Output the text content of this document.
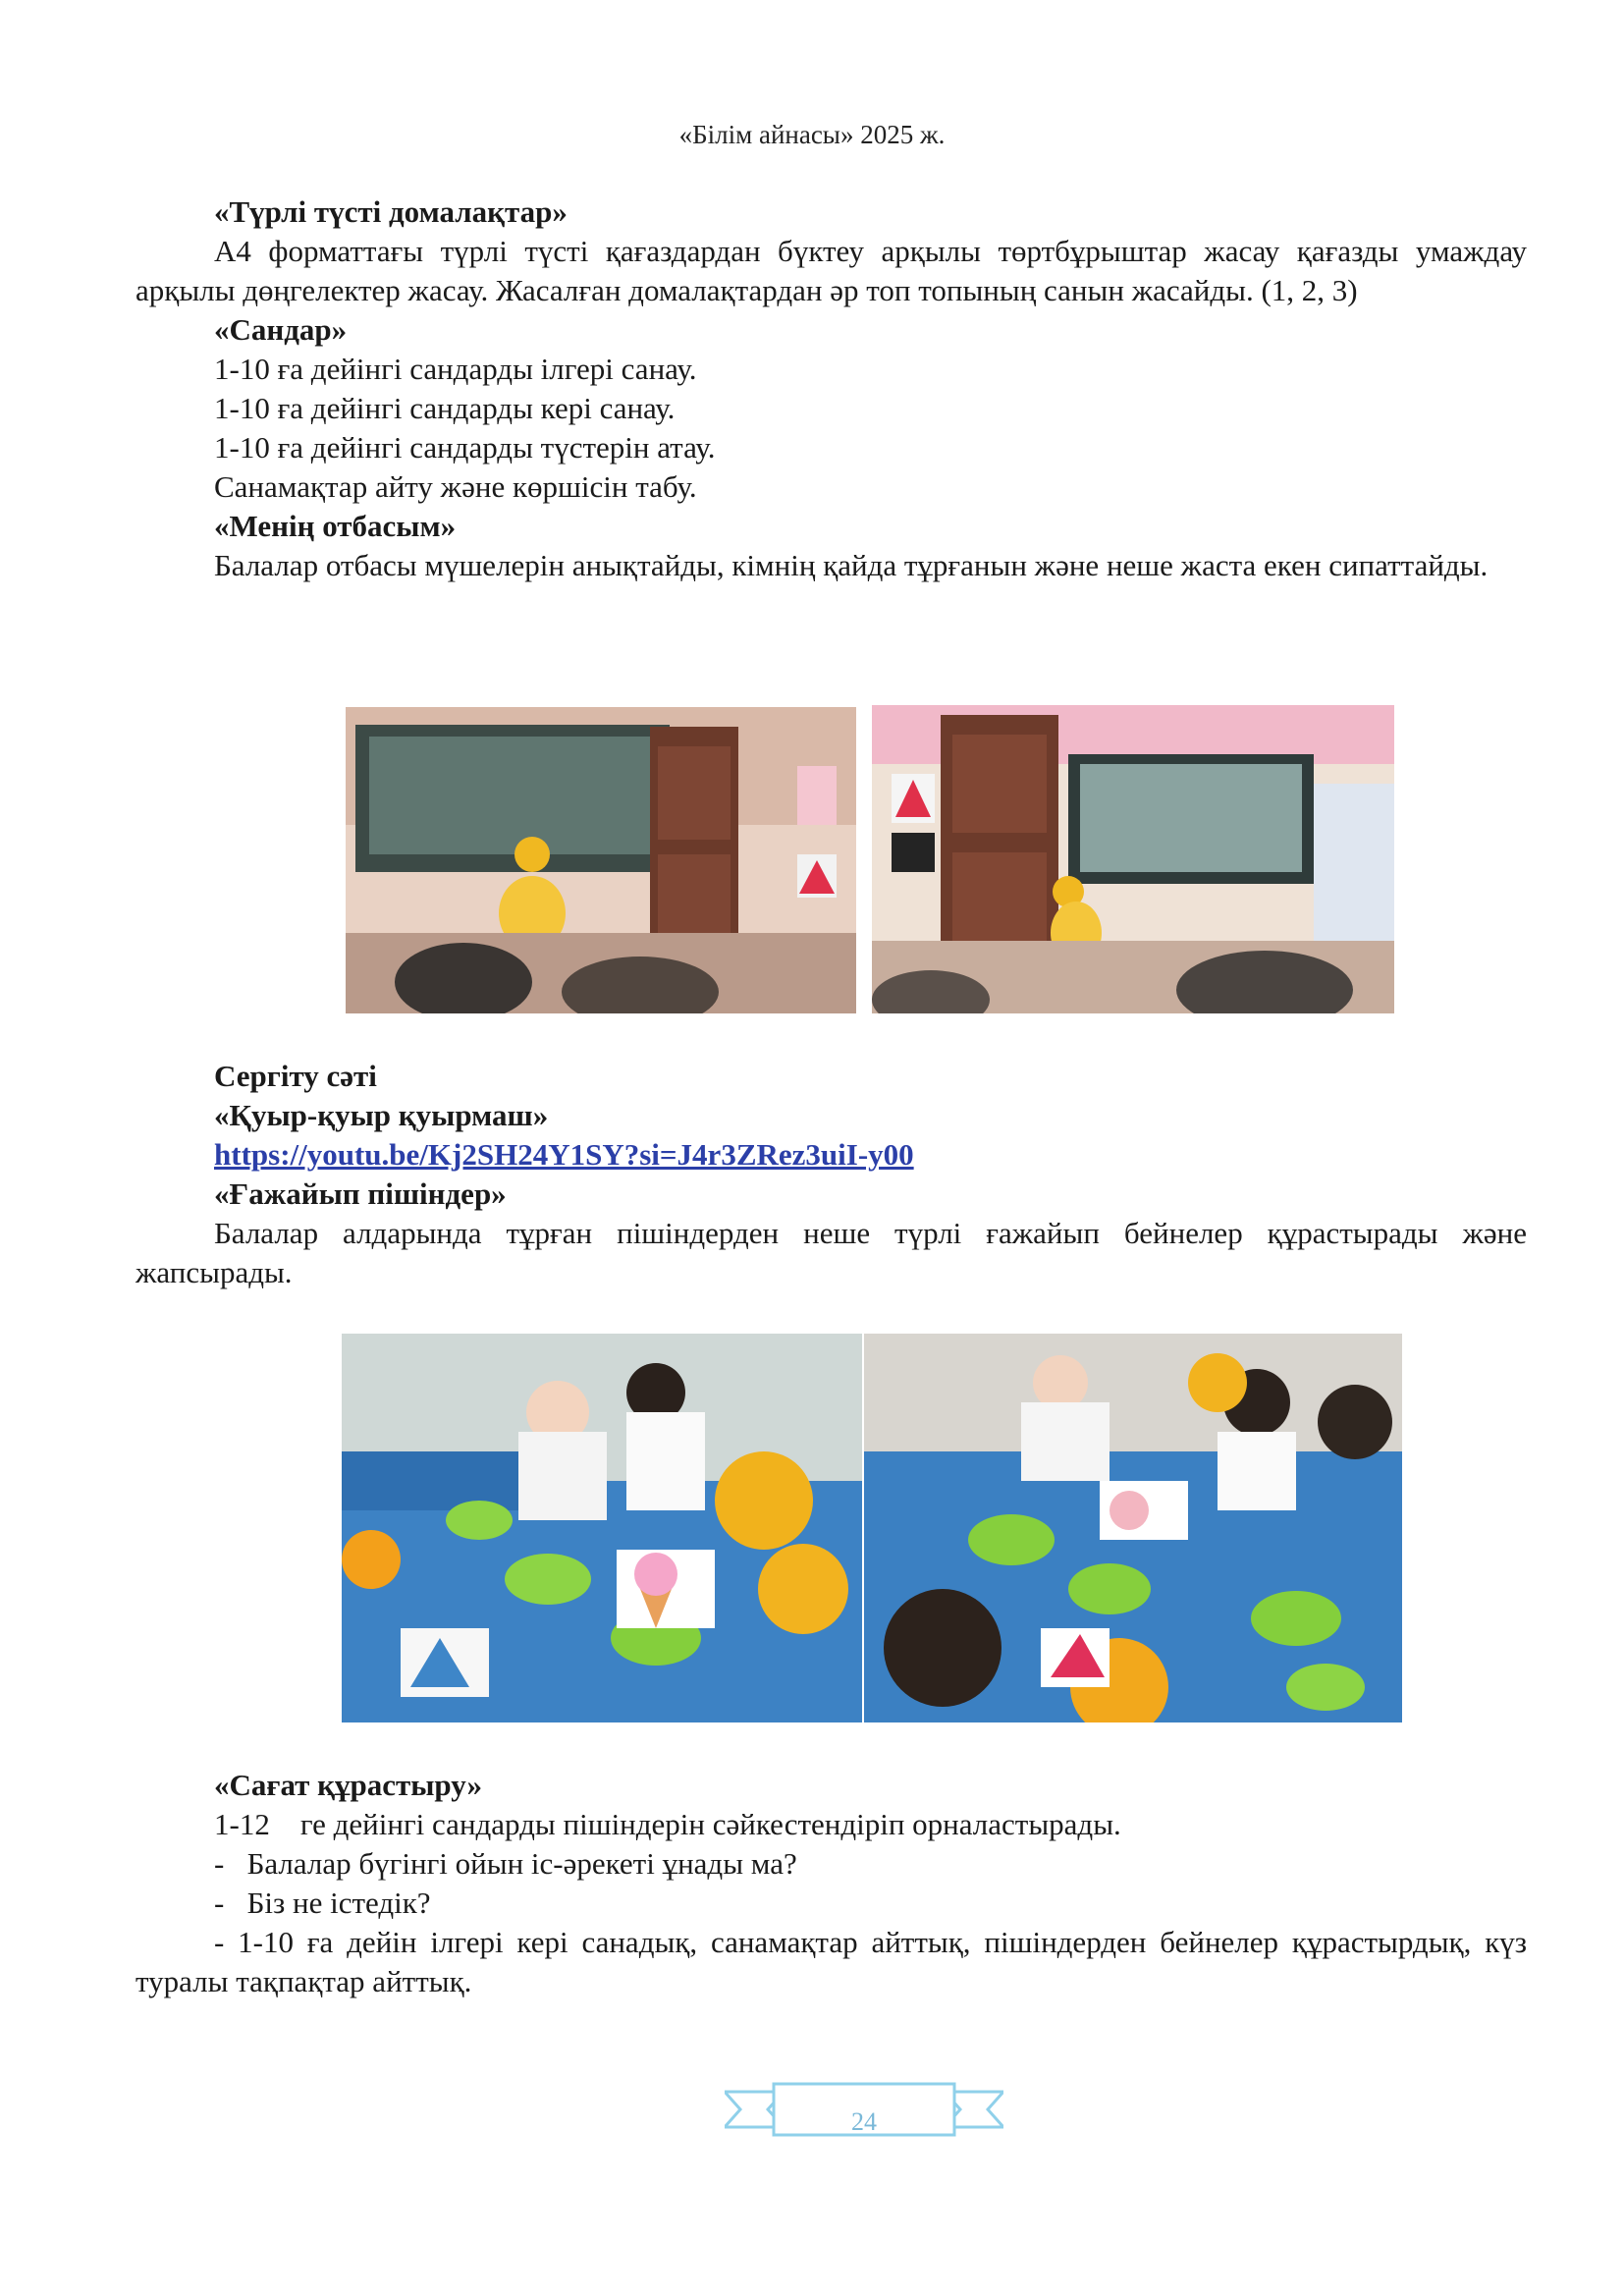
«Білім айнасы» 2025 ж.
«Түрлі түсті домалақтар»
А4 форматтағы түрлі түсті қағаздардан бүктеу арқылы төртбұрыштар жасау қағазды умаждау арқылы дөңгелектер жасау. Жасалған домалақтардан әр топ топының санын жасайды. (1, 2, 3)
«Сандар»
1-10 ға дейінгі сандарды ілгері санау.
1-10 ға дейінгі сандарды кері санау.
1-10 ға дейінгі сандарды түстерін атау.
Санамақтар айту және көршісін табу.
«Менің отбасым»
Балалар отбасы мүшелерін анықтайды, кімнің қайда тұрғанын және неше жаста екен сипаттайды.
Сергіту сәті
«Қуыр-қуыр қуырмаш»
https://youtu.be/Kj2SH24Y1SY?si=J4r3ZRez3uiI-y00
«Ғажайып пішіндер»
Балалар алдарында тұрған пішіндерден неше түрлі ғажайып бейнелер құрастырады және жапсырады.
«Сағат құрастыру»
1-12    ге дейінгі сандарды пішіндерін сәйкестендіріп орналастырады.
-   Балалар бүгінгі ойын іс-әрекеті ұнады ма?
-   Біз не істедік?
- 1-10 ға дейін ілгері кері санадық, санамақтар айттық, пішіндерден бейнелер құрастырдық, күз туралы тақпақтар айттық.
24
